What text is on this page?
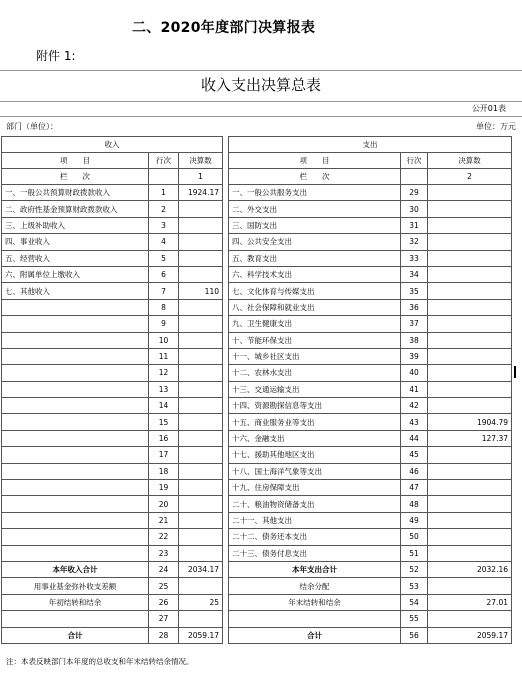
二、2020年度部门决算报表
附件 1:
收入支出决算总表
公开01表
部门（单位）：	单位：万元
收入				支出		
项　　目	行次	决算数		项　　目	行次	决算数
栏　　次		1		栏　　次		2
一、一般公共预算财政拨款收入	1	1924.17		一、一般公共服务支出	29	
二、政府性基金预算财政拨款收入	2			二、外交支出	30	
三、上级补助收入	3			三、国防支出	31	
四、事业收入	4			四、公共安全支出	32	
五、经营收入	5			五、教育支出	33	
六、附属单位上缴收入	6			六、科学技术支出	34	
七、其他收入	7	110		七、文化体育与传媒支出	35	
	8			八、社会保障和就业支出	36	
	9			九、卫生健康支出	37	
	10			十、节能环保支出	38	
	11			十一、城乡社区支出	39	
	12			十二、农林水支出	40	
	13			十三、交通运输支出	41	
	14			十四、资源勘探信息等支出	42	
	15			十五、商业服务业等支出	43	1904.79
	16			十六、金融支出	44	127.37
	17			十七、援助其他地区支出	45	
	18			十八、国土海洋气象等支出	46	
	19			十九、住房保障支出	47	
	20			二十、粮油物资储备支出	48	
	21			二十一、其他支出	49	
	22			二十二、债务还本支出	50	
	23			二十三、债务付息支出	51	
本年收入合计	24	2034.17		本年支出合计	52	2032.16
用事业基金弥补收支差额	25			结余分配	53	
年初结转和结余	26	25		年末结转和结余	54	27.01
	27				55	
合计	28	2059.17		合计	56	2059.17
注：本表反映部门本年度的总收支和年末结转结余情况。
